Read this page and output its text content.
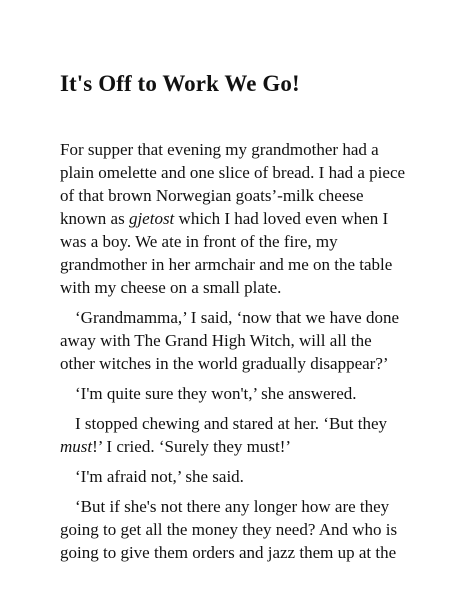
It's Off to Work We Go!

For supper that evening my grandmother had a plain omelette and one slice of bread. I had a piece of that brown Norwegian goats’-milk cheese known as gjetost which I had loved even when I was a boy. We ate in front of the fire, my grandmother in her armchair and me on the table with my cheese on a small plate.

‘Grandmamma,’ I said, ‘now that we have done away with The Grand High Witch, will all the other witches in the world gradually disappear?’

‘I'm quite sure they won't,’ she answered.

I stopped chewing and stared at her. ‘But they must!’ I cried. ‘Surely they must!’

‘I'm afraid not,’ she said.

‘But if she's not there any longer how are they going to get all the money they need? And who is going to give them orders and jazz them up at the
